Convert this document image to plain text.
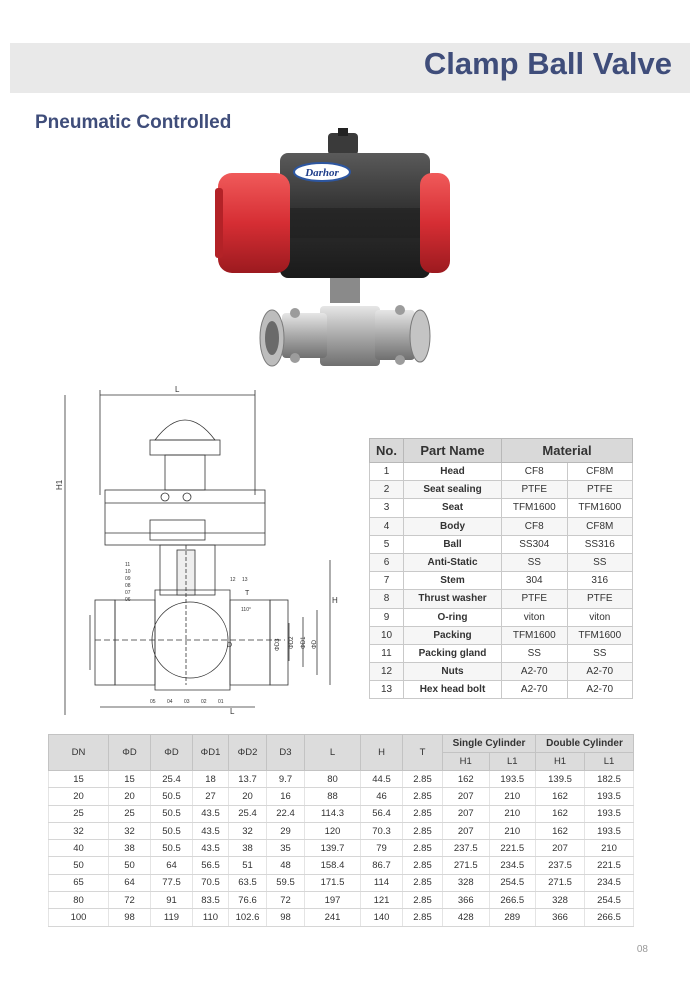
Clamp Ball Valve
Pneumatic Controlled
Darhor
L
H1
H
ΦD
ΦD1
ΦD2
ΦD3
D
T
110°
11
10
09
08
07
06
05 04 03 02 01
12 13
L
No.	Part Name	Material	
1	Head	CF8	CF8M
2	Seat sealing	PTFE	PTFE
3	Seat	TFM1600	TFM1600
4	Body	CF8	CF8M
5	Ball	SS304	SS316
6	Anti-Static	SS	SS
7	Stem	304	316
8	Thrust washer	PTFE	PTFE
9	O-ring	viton	viton
10	Packing	TFM1600	TFM1600
11	Packing gland	SS	SS
12	Nuts	A2-70	A2-70
13	Hex head bolt	A2-70	A2-70
DN	ΦD	ΦD	ΦD1	ΦD2	D3	L	H	T	Single Cylinder		Double Cylinder	
									H1	L1	H1	L1
15	15	25.4	18	13.7	9.7	80	44.5	2.85	162	193.5	139.5	182.5
20	20	50.5	27	20	16	88	46	2.85	207	210	162	193.5
25	25	50.5	43.5	25.4	22.4	114.3	56.4	2.85	207	210	162	193.5
32	32	50.5	43.5	32	29	120	70.3	2.85	207	210	162	193.5
40	38	50.5	43.5	38	35	139.7	79	2.85	237.5	221.5	207	210
50	50	64	56.5	51	48	158.4	86.7	2.85	271.5	234.5	237.5	221.5
65	64	77.5	70.5	63.5	59.5	171.5	114	2.85	328	254.5	271.5	234.5
80	72	91	83.5	76.6	72	197	121	2.85	366	266.5	328	254.5
100	98	119	110	102.6	98	241	140	2.85	428	289	366	266.5
08
